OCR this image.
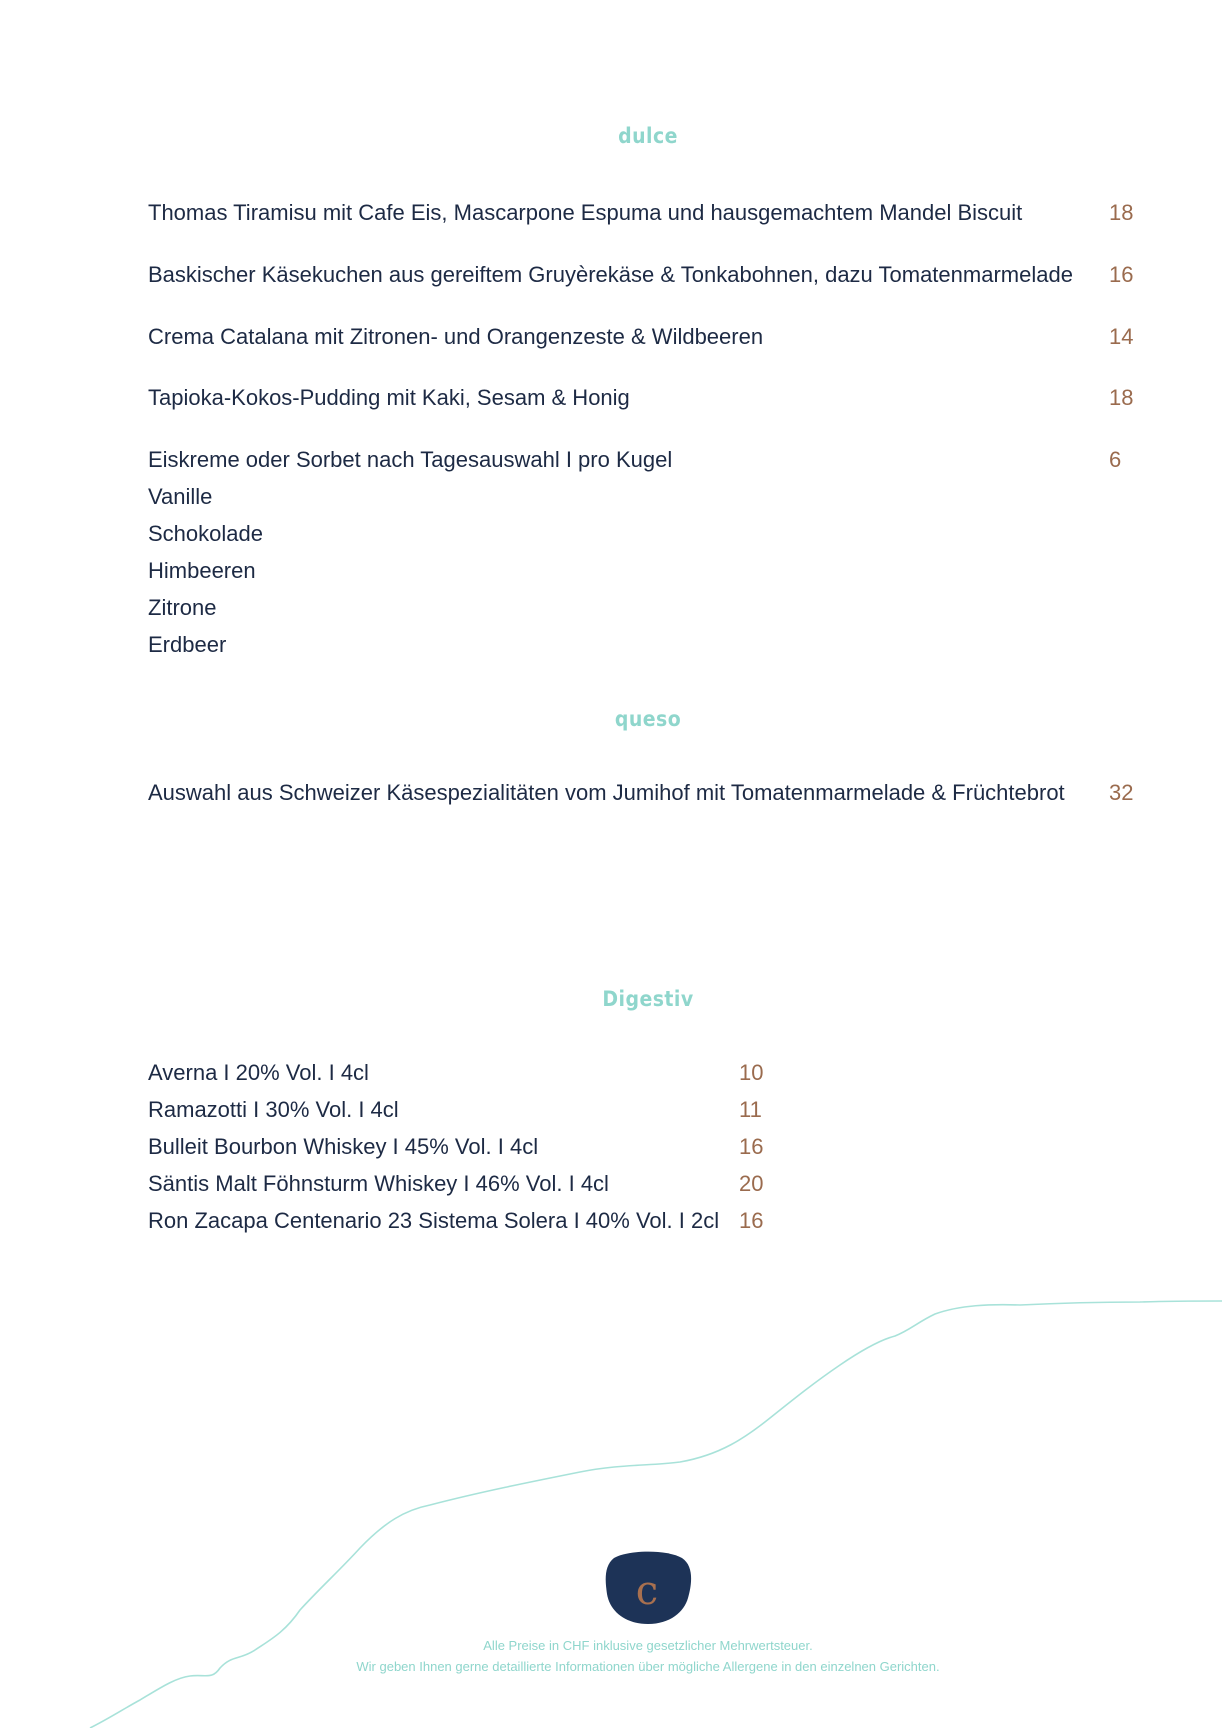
dulce
Thomas Tiramisu mit Cafe Eis, Mascarpone Espuma und hausgemachtem Mandel Biscuit	18
Baskischer Käsekuchen aus gereiftem Gruyèrekäse & Tonkabohnen, dazu Tomatenmarmelade 16
Crema Catalana mit Zitronen- und Orangenzeste & Wildbeeren	14
Tapioka-Kokos-Pudding mit Kaki, Sesam & Honig	18
Eiskreme oder Sorbet nach Tagesauswahl I pro Kugel	6
Vanille
Schokolade
Himbeeren
Zitrone
Erdbeer
queso
Auswahl aus Schweizer Käsespezialitäten vom Jumihof mit Tomatenmarmelade & Früchtebrot 32
Digestiv
Averna I 20% Vol. I 4cl	10
Ramazotti I 30% Vol. I 4cl	11
Bulleit Bourbon Whiskey I 45% Vol. I 4cl	16
Säntis Malt Föhnsturm Whiskey I 46% Vol. I 4cl	20
Ron Zacapa Centenario 23 Sistema Solera I 40% Vol. I 2cl 16
c
Alle Preise in CHF inklusive gesetzlicher Mehrwertsteuer.
Wir geben Ihnen gerne detaillierte Informationen über mögliche Allergene in den einzelnen Gerichten.
